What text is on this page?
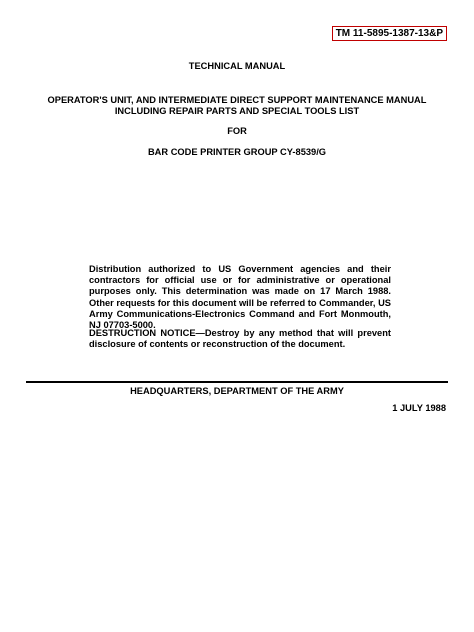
TM 11-5895-1387-13&P
TECHNICAL MANUAL
OPERATOR'S UNIT, AND INTERMEDIATE DIRECT SUPPORT MAINTENANCE MANUAL INCLUDING REPAIR PARTS AND SPECIAL TOOLS LIST
FOR
BAR CODE PRINTER GROUP CY-8539/G

Distribution authorized to US Government agencies and their contractors for official use or for administrative or operational purposes only. This determination was made on 17 March 1988. Other requests for this document will be referred to Commander, US Army Communications-Electronics Command and Fort Monmouth, NJ 07703-5000.

DESTRUCTION NOTICE—Destroy by any method that will prevent disclosure of contents or reconstruction of the document.

HEADQUARTERS, DEPARTMENT OF THE ARMY
1 JULY 1988
